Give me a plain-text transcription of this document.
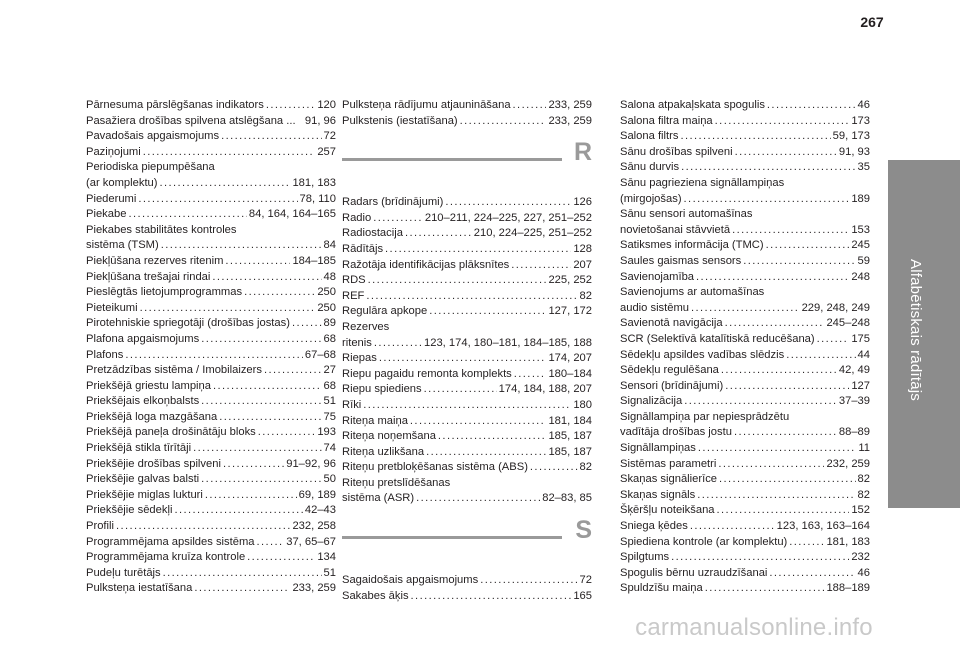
267
Alfabētiskais rādītājs
Pārnesuma pārslēgšanas indikators .....	120
Pasažiera drošības spilvena atslēgšana ... 91, 96
Pavadošais apgaismojums .....	72
Paziņojumi .....	257
Periodiska piepumpēšana
(ar komplektu) .....	181, 183
Piederumi .....	78, 110
Piekabe .....	84, 164, 164–165
Piekabes stabilitātes kontroles
sistēma (TSM) .....	84
Piekļūšana rezerves ritenim .....	184–185
Piekļūšana trešajai rindai .....	48
Pieslēgtās lietojumprogrammas .....	250
Pieteikumi .....	250
Pirotehniskie spriegotāji (drošības jostas) .....	89
Plafona apgaismojums .....	68
Plafons .....	67–68
Pretzādzības sistēma / Imobilaizers .....	27
Priekšējā griestu lampiņa .....	68
Priekšējais elkoņbalsts .....	51
Priekšējā loga mazgāšana .....	75
Priekšējā paneļa drošinātāju bloks .....	193
Priekšējā stikla tīrītāji .....	74
Priekšējie drošības spilveni .....	91–92, 96
Priekšējie galvas balsti .....	50
Priekšējie miglas lukturi .....	69, 189
Priekšējie sēdekļi .....	42–43
Profili .....	232, 258
Programmējama apsildes sistēma .....	37, 65–67
Programmējama kruīza kontrole .....	134
Pudeļu turētājs .....	51
Pulksteņa iestatīšana .....	233, 259
Pulksteņa rādījumu atjaunināšana .....	233, 259
Pulkstenis (iestatīšana) .....	233, 259
R
Radars (brīdinājumi) .....	126
Radio .....	210–211, 224–225, 227, 251–252
Radiostacija .....	210, 224–225, 251–252
Rādītājs .....	128
Ražotāja identifikācijas plāksnītes .....	207
RDS .....	225, 252
REF .....	82
Regulāra apkope .....	127, 172
Rezerves
ritenis .....	123, 174, 180–181, 184–185, 188
Riepas .....	174, 207
Riepu pagaidu remonta komplekts .....	180–184
Riepu spiediens .....	174, 184, 188, 207
Rīki .....	180
Riteņa maiņa .....	181, 184
Riteņa noņemšana .....	185, 187
Riteņa uzlikšana .....	185, 187
Riteņu pretbloķēšanas sistēma (ABS) .....	82
Riteņu pretslīdēšanas
sistēma (ASR) .....	82–83, 85
S
Sagaidošais apgaismojums .....	72
Sakabes āķis .....	165
Salona atpakaļskata spogulis .....	46
Salona filtra maiņa .....	173
Salona filtrs .....	59, 173
Sānu drošības spilveni .....	91, 93
Sānu durvis .....	35
Sānu pagrieziena signāllampiņas
(mirgojošas) .....	189
Sānu sensori automašīnas
novietošanai stāvvietā .....	153
Satiksmes informācija (TMC) .....	245
Saules gaismas sensors .....	59
Savienojamība .....	248
Savienojums ar automašīnas
audio sistēmu .....	229, 248, 249
Savienotā navigācija .....	245–248
SCR (Selektīvā katalītiskā reducēšana) .....	175
Sēdekļu apsildes vadības slēdzis .....	44
Sēdekļu regulēšana .....	42, 49
Sensori (brīdinājumi) .....	127
Signalizācija .....	37–39
Signāllampiņa par nepiesprādzētu
vadītāja drošības jostu .....	88–89
Signāllampiņas .....	11
Sistēmas parametri .....	232, 259
Skaņas signālierīce .....	82
Skaņas signāls .....	82
Šķēršļu noteikšana .....	152
Sniega ķēdes .....	123, 163, 163–164
Spiediena kontrole (ar komplektu) .....	181, 183
Spilgtums .....	232
Spogulis bērnu uzraudzīšanai .....	46
Spuldzīšu maiņa .....	188–189
carmanualsonline.info
